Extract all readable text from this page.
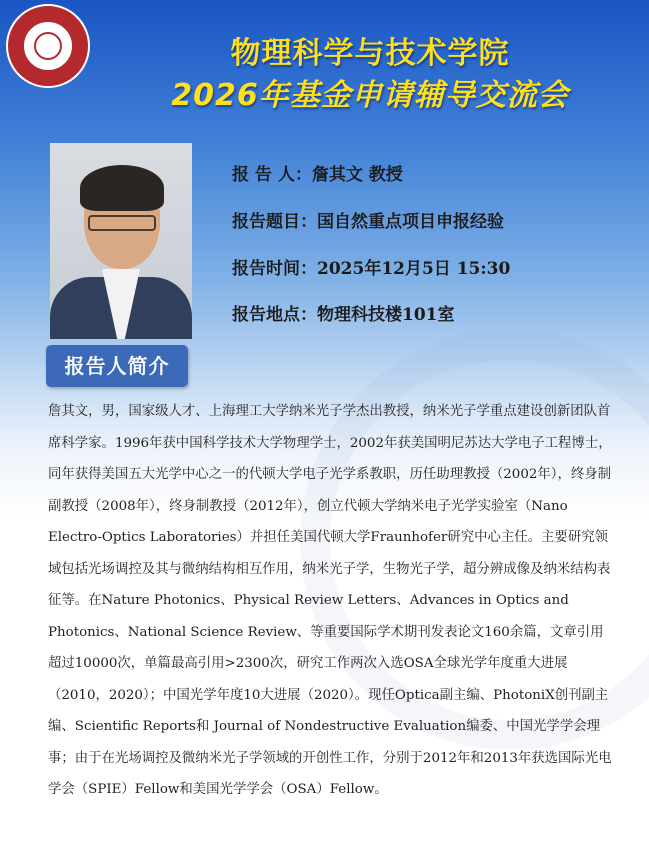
物理科学与技术学院
2026年基金申请辅导交流会
报 告 人：詹其文 教授
报告题目：国自然重点项目申报经验
报告时间：2025年12月5日 15:30
报告地点：物理科技楼101室
报告人简介
詹其文，男，国家级人才、上海理工大学纳米光子学杰出教授，纳米光子学重点建设创新团队首席科学家。1996年获中国科学技术大学物理学士，2002年获美国明尼苏达大学电子工程博士，同年获得美国五大光学中心之一的代顿大学电子光学系教职，历任助理教授（2002年），终身制副教授（2008年），终身制教授（2012年），创立代顿大学纳米电子光学实验室（Nano Electro-Optics Laboratories）并担任美国代顿大学Fraunhofer研究中心主任。主要研究领域包括光场调控及其与微纳结构相互作用，纳米光子学，生物光子学，超分辨成像及纳米结构表征等。在Nature Photonics、Physical Review Letters、Advances in Optics and Photonics、National Science Review、等重要国际学术期刊发表论文160余篇，文章引用超过10000次，单篇最高引用>2300次，研究工作两次入选OSA全球光学年度重大进展（2010，2020）；中国光学年度10大进展（2020）。现任Optica副主编、PhotoniX创刊副主编、Scientific Reports和 Journal of Nondestructive Evaluation编委、中国光学学会理事；由于在光场调控及微纳米光子学领域的开创性工作，分别于2012年和2013年获选国际光电学会（SPIE）Fellow和美国光学学会（OSA）Fellow。
